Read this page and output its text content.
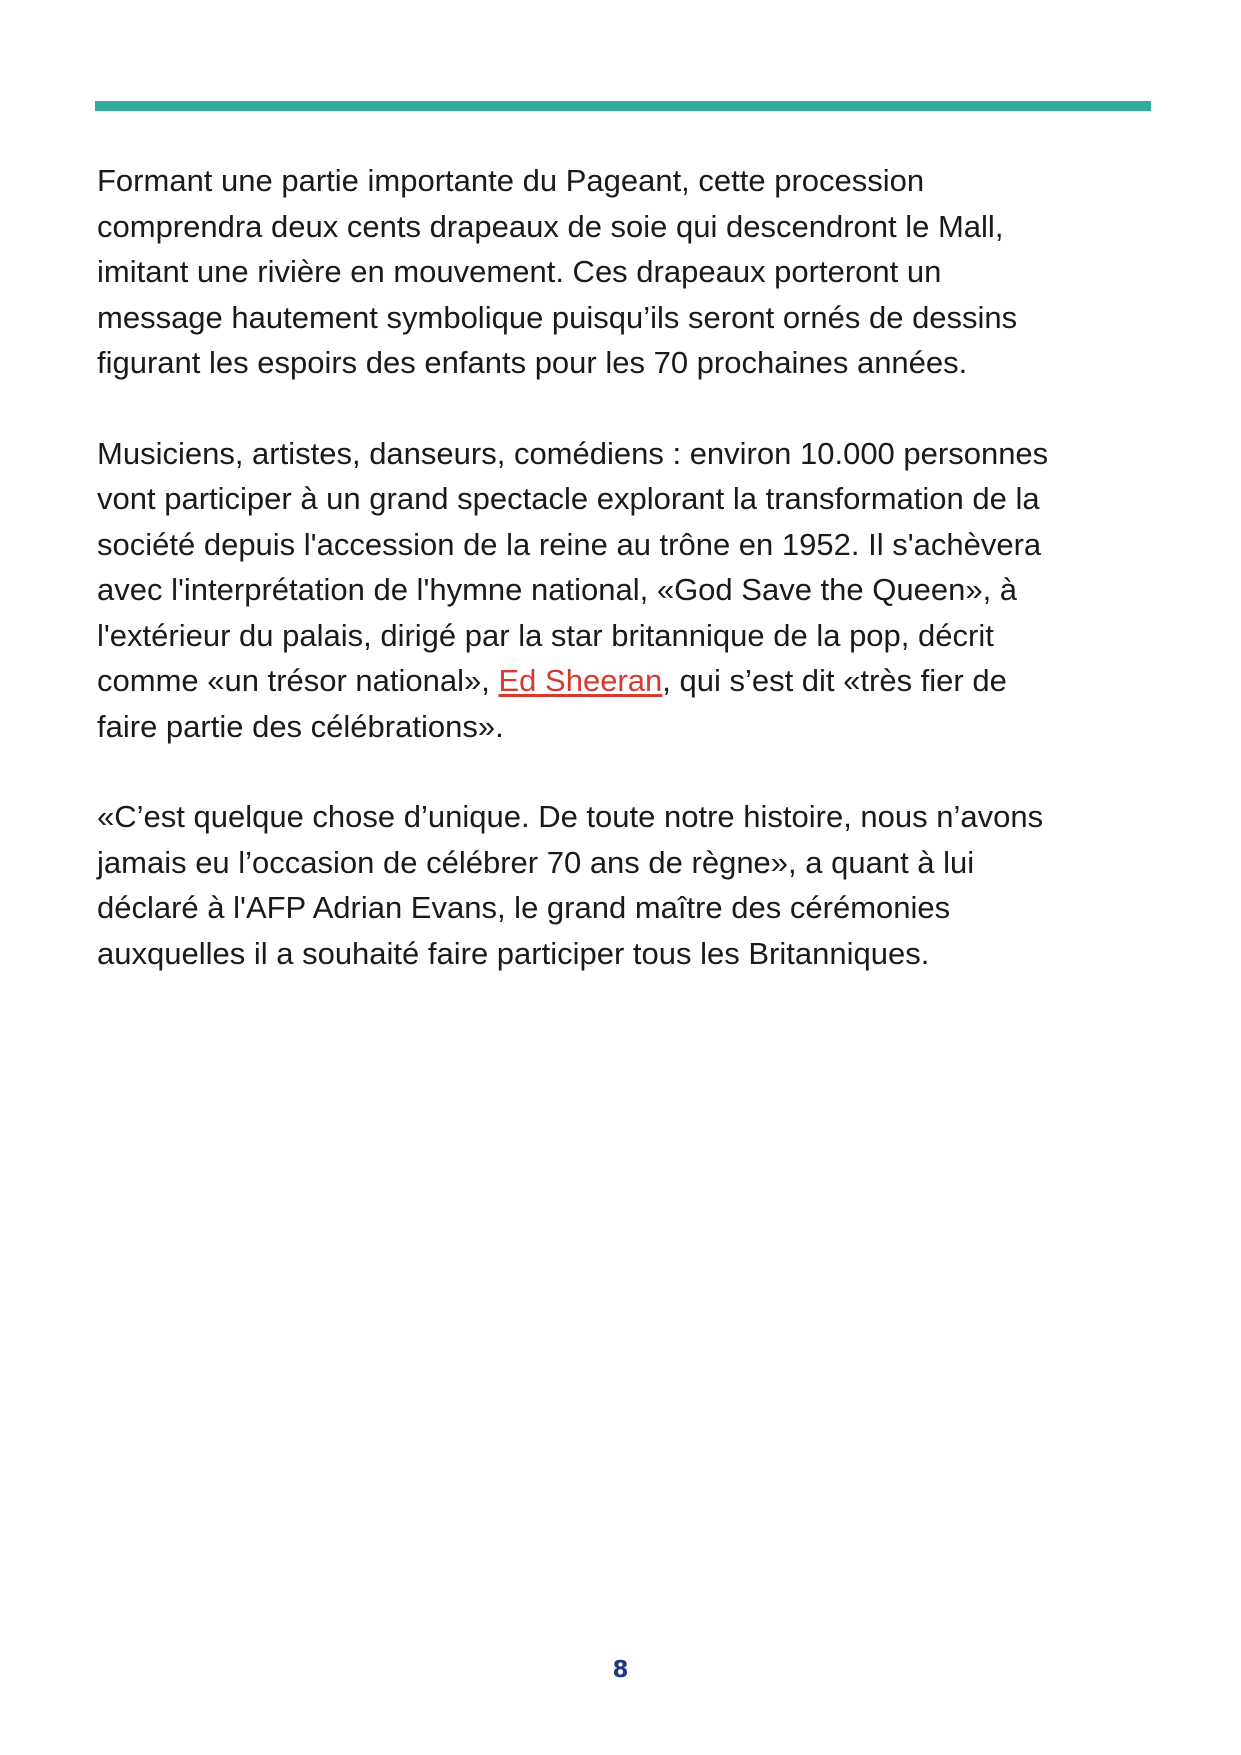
Formant une partie importante du Pageant, cette procession
comprendra deux cents drapeaux de soie qui descendront le Mall,
imitant une rivière en mouvement. Ces drapeaux porteront un
message hautement symbolique puisqu’ils seront ornés de dessins
figurant les espoirs des enfants pour les 70 prochaines années.

Musiciens, artistes, danseurs, comédiens : environ 10.000 personnes
vont participer à un grand spectacle explorant la transformation de la
société depuis l'accession de la reine au trône en 1952. Il s'achèvera
avec l'interprétation de l'hymne national, «God Save the Queen», à
l'extérieur du palais, dirigé par la star britannique de la pop, décrit
comme «un trésor national», Ed Sheeran, qui s’est dit «très fier de
faire partie des célébrations».

«C’est quelque chose d’unique. De toute notre histoire, nous n’avons
jamais eu l’occasion de célébrer 70 ans de règne», a quant à lui
déclaré à l'AFP Adrian Evans, le grand maître des cérémonies
auxquelles il a souhaité faire participer tous les Britanniques.

8
